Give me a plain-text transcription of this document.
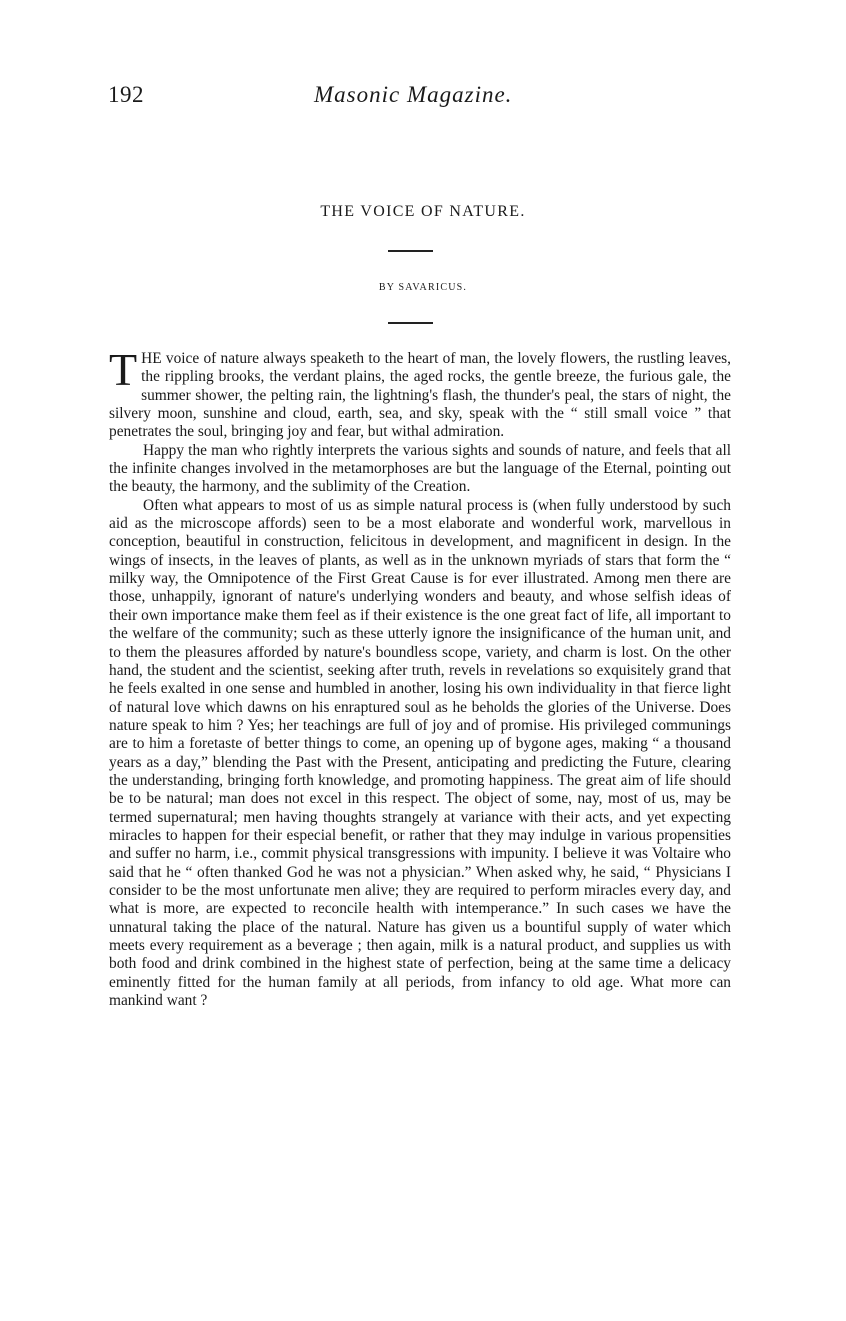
192	Masonic Magazine.
THE VOICE OF NATURE.
BY SAVARICUS.

THE voice of nature always speaketh to the heart of man, the lovely flowers, the rustling leaves, the rippling brooks, the verdant plains, the aged rocks, the gentle breeze, the furious gale, the summer shower, the pelting rain, the lightning's flash, the thunder's peal, the stars of night, the silvery moon, sunshine and cloud, earth, sea, and sky, speak with the “ still small voice ” that penetrates the soul, bringing joy and fear, but withal admiration.

Happy the man who rightly interprets the various sights and sounds of nature, and feels that all the infinite changes involved in the metamorphoses are but the language of the Eternal, pointing out the beauty, the harmony, and the sublimity of the Creation.

Often what appears to most of us as simple natural process is (when fully understood by such aid as the microscope affords) seen to be a most elaborate and wonderful work, marvellous in conception, beautiful in construction, felicitous in development, and magnificent in design. In the wings of insects, in the leaves of plants, as well as in the unknown myriads of stars that form the “ milky way, the Omnipotence of the First Great Cause is for ever illustrated. Among men there are those, unhappily, ignorant of nature's underlying wonders and beauty, and whose selfish ideas of their own importance make them feel as if their existence is the one great fact of life, all important to the welfare of the community; such as these utterly ignore the insignificance of the human unit, and to them the pleasures afforded by nature's boundless scope, variety, and charm is lost. On the other hand, the student and the scientist, seeking after truth, revels in revelations so exquisitely grand that he feels exalted in one sense and humbled in another, losing his own individuality in that fierce light of natural love which dawns on his enraptured soul as he beholds the glories of the Universe. Does nature speak to him ? Yes; her teachings are full of joy and of promise. His privileged communings are to him a foretaste of better things to come, an opening up of bygone ages, making “ a thousand years as a day,” blending the Past with the Present, anticipating and predicting the Future, clearing the understanding, bringing forth knowledge, and promoting happiness. The great aim of life should be to be natural; man does not excel in this respect. The object of some, nay, most of us, may be termed supernatural; men having thoughts strangely at variance with their acts, and yet expecting miracles to happen for their especial benefit, or rather that they may indulge in various propensities and suffer no harm, i.e., commit physical transgressions with impunity. I believe it was Voltaire who said that he “ often thanked God he was not a physician.” When asked why, he said, “ Physicians I consider to be the most unfortunate men alive; they are required to perform miracles every day, and what is more, are expected to reconcile health with intemperance.” In such cases we have the unnatural taking the place of the natural. Nature has given us a bountiful supply of water which meets every requirement as a beverage ; then again, milk is a natural product, and supplies us with both food and drink combined in the highest state of perfection, being at the same time a delicacy eminently fitted for the human family at all periods, from infancy to old age. What more can mankind want ?
